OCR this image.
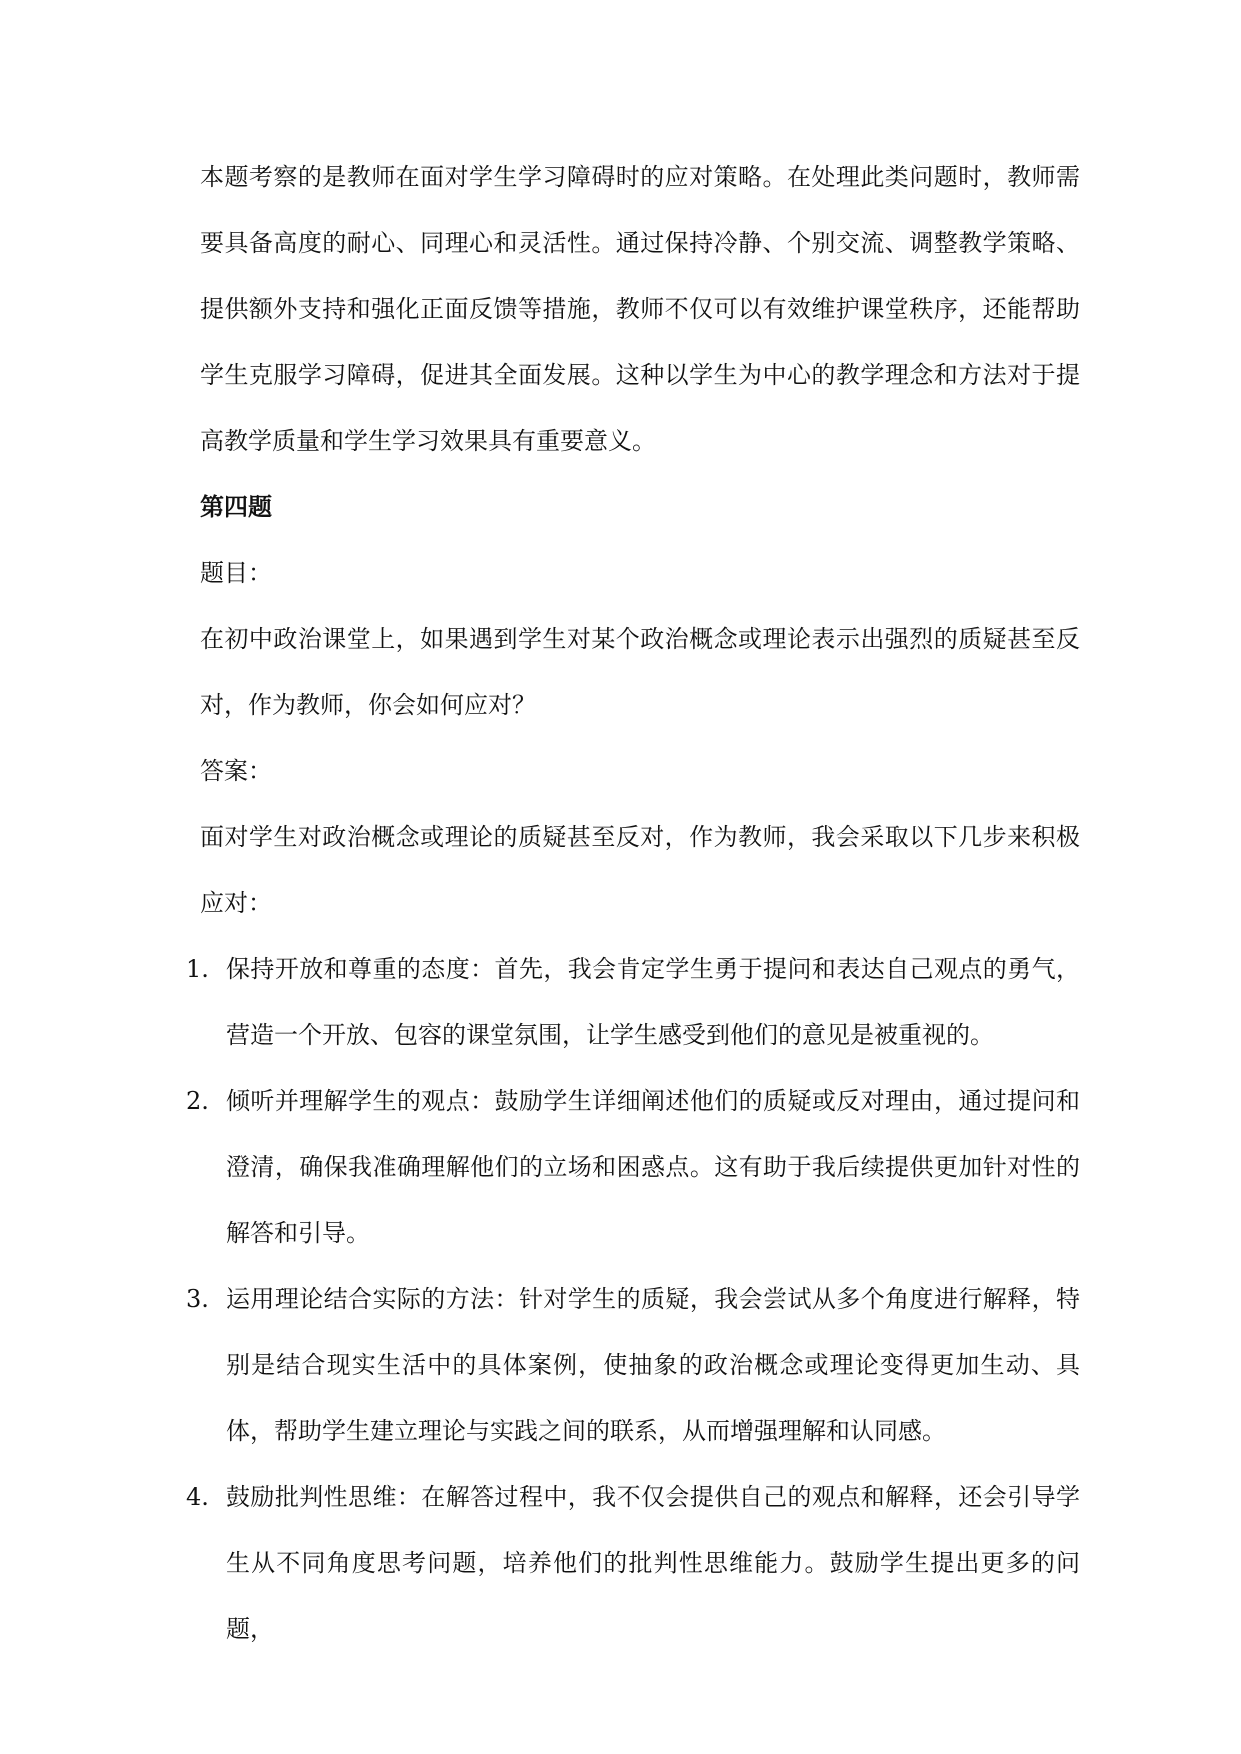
本题考察的是教师在面对学生学习障碍时的应对策略。在处理此类问题时，教师需要具备高度的耐心、同理心和灵活性。通过保持冷静、个别交流、调整教学策略、提供额外支持和强化正面反馈等措施，教师不仅可以有效维护课堂秩序，还能帮助学生克服学习障碍，促进其全面发展。这种以学生为中心的教学理念和方法对于提高教学质量和学生学习效果具有重要意义。

第四题

题目：

在初中政治课堂上，如果遇到学生对某个政治概念或理论表示出强烈的质疑甚至反对，作为教师，你会如何应对？

答案：

面对学生对政治概念或理论的质疑甚至反对，作为教师，我会采取以下几步来积极应对：

1. 保持开放和尊重的态度：首先，我会肯定学生勇于提问和表达自己观点的勇气，营造一个开放、包容的课堂氛围，让学生感受到他们的意见是被重视的。
2. 倾听并理解学生的观点：鼓励学生详细阐述他们的质疑或反对理由，通过提问和澄清，确保我准确理解他们的立场和困惑点。这有助于我后续提供更加针对性的解答和引导。
3. 运用理论结合实际的方法：针对学生的质疑，我会尝试从多个角度进行解释，特别是结合现实生活中的具体案例，使抽象的政治概念或理论变得更加生动、具体，帮助学生建立理论与实践之间的联系，从而增强理解和认同感。
4. 鼓励批判性思维：在解答过程中，我不仅会提供自己的观点和解释，还会引导学生从不同角度思考问题，培养他们的批判性思维能力。鼓励学生提出更多的问题，
